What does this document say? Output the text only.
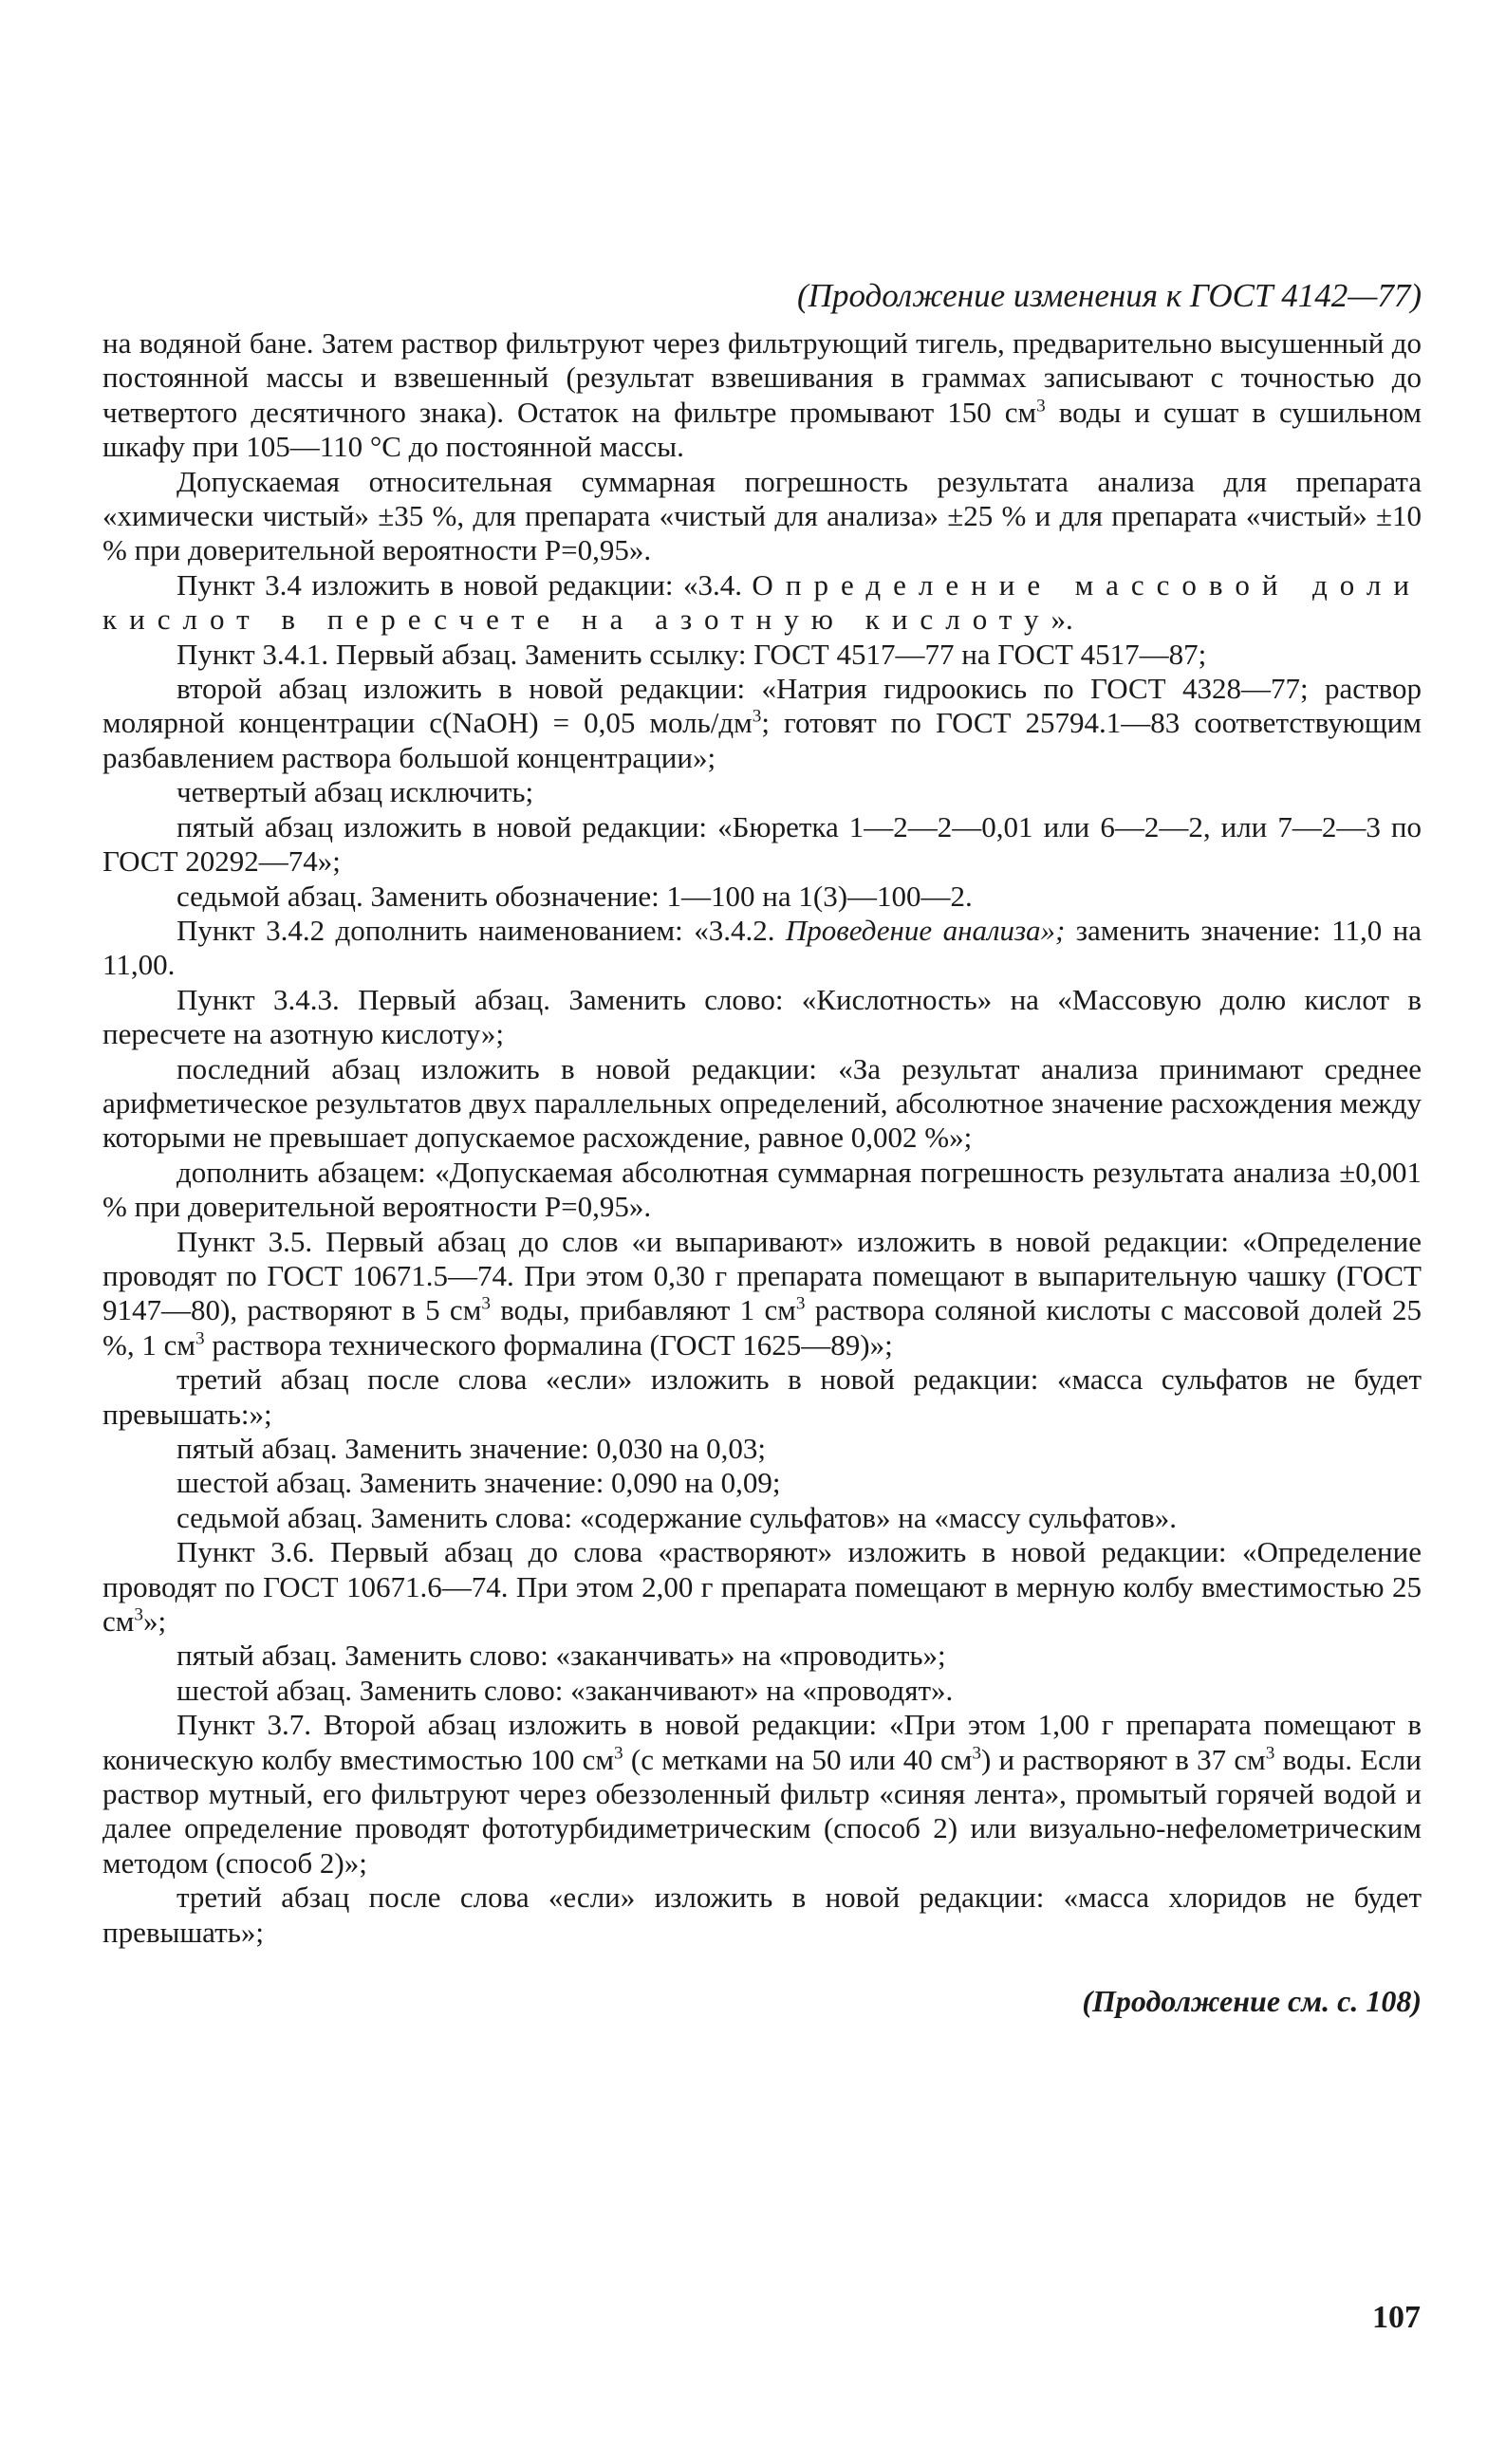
(Продолжение изменения к ГОСТ 4142—77)

на водяной бане. Затем раствор фильтруют через фильтрующий тигель, предварительно высушенный до постоянной массы и взвешенный (результат взвешивания в граммах записывают с точностью до четвертого десятичного знака). Остаток на фильтре промывают 150 $см^3$ воды и сушат в сушильном шкафу при 105—110 °С до постоянной массы.

Допускаемая относительная суммарная погрешность результата анализа для препарата «химически чистый» ±35 %, для препарата «чистый для анализа» ±25 % и для препарата «чистый» ±10 % при доверительной вероятности Р=0,95».

Пункт 3.4 изложить в новой редакции: «3.4. Определение массовой доли кислот в пересчете на азотную кислоту».

Пункт 3.4.1. Первый абзац. Заменить ссылку: ГОСТ 4517—77 на ГОСТ 4517—87;

второй абзац изложить в новой редакции: «Натрия гидроокись по ГОСТ 4328—77; раствор молярной концентрации с(NaOH) = 0,05 моль/$дм^3$; готовят по ГОСТ 25794.1—83 соответствующим разбавлением раствора большой концентрации»;

четвертый абзац исключить;

пятый абзац изложить в новой редакции: «Бюретка 1—2—2—0,01 или 6—2—2, или 7—2—3 по ГОСТ 20292—74»;

седьмой абзац. Заменить обозначение: 1—100 на 1(3)—100—2.

Пункт 3.4.2 дополнить наименованием: «3.4.2. Проведение анализа»; заменить значение: 11,0 на 11,00.

Пункт 3.4.3. Первый абзац. Заменить слово: «Кислотность» на «Массовую долю кислот в пересчете на азотную кислоту»;

последний абзац изложить в новой редакции: «За результат анализа принимают среднее арифметическое результатов двух параллельных определений, абсолютное значение расхождения между которыми не превышает допускаемое расхождение, равное 0,002 %»;

дополнить абзацем: «Допускаемая абсолютная суммарная погрешность результата анализа ±0,001 % при доверительной вероятности Р=0,95».

Пункт 3.5. Первый абзац до слов «и выпаривают» изложить в новой редакции: «Определение проводят по ГОСТ 10671.5—74. При этом 0,30 г препарата помещают в выпарительную чашку (ГОСТ 9147—80), растворяют в 5 $см^3$ воды, прибавляют 1 $см^3$ раствора соляной кислоты с массовой долей 25 %, 1 $см^3$ раствора технического формалина (ГОСТ 1625—89)»;

третий абзац после слова «если» изложить в новой редакции: «масса сульфатов не будет превышать:»;

пятый абзац. Заменить значение: 0,030 на 0,03;

шестой абзац. Заменить значение: 0,090 на 0,09;

седьмой абзац. Заменить слова: «содержание сульфатов» на «массу сульфатов».

Пункт 3.6. Первый абзац до слова «растворяют» изложить в новой редакции: «Определение проводят по ГОСТ 10671.6—74. При этом 2,00 г препарата помещают в мерную колбу вместимостью 25 $см^3$»;

пятый абзац. Заменить слово: «заканчивать» на «проводить»;

шестой абзац. Заменить слово: «заканчивают» на «проводят».

Пункт 3.7. Второй абзац изложить в новой редакции: «При этом 1,00 г препарата помещают в коническую колбу вместимостью 100 $см^3$ (с метками на 50 или 40 $см^3$) и растворяют в 37 $см^3$ воды. Если раствор мутный, его фильтруют через обеззоленный фильтр «синяя лента», промытый горячей водой и далее определение проводят фототурбидиметрическим (способ 2) или визуально-нефелометрическим методом (способ 2)»;

третий абзац после слова «если» изложить в новой редакции: «масса хлоридов не будет превышать»;

(Продолжение см. с. 108)
107
